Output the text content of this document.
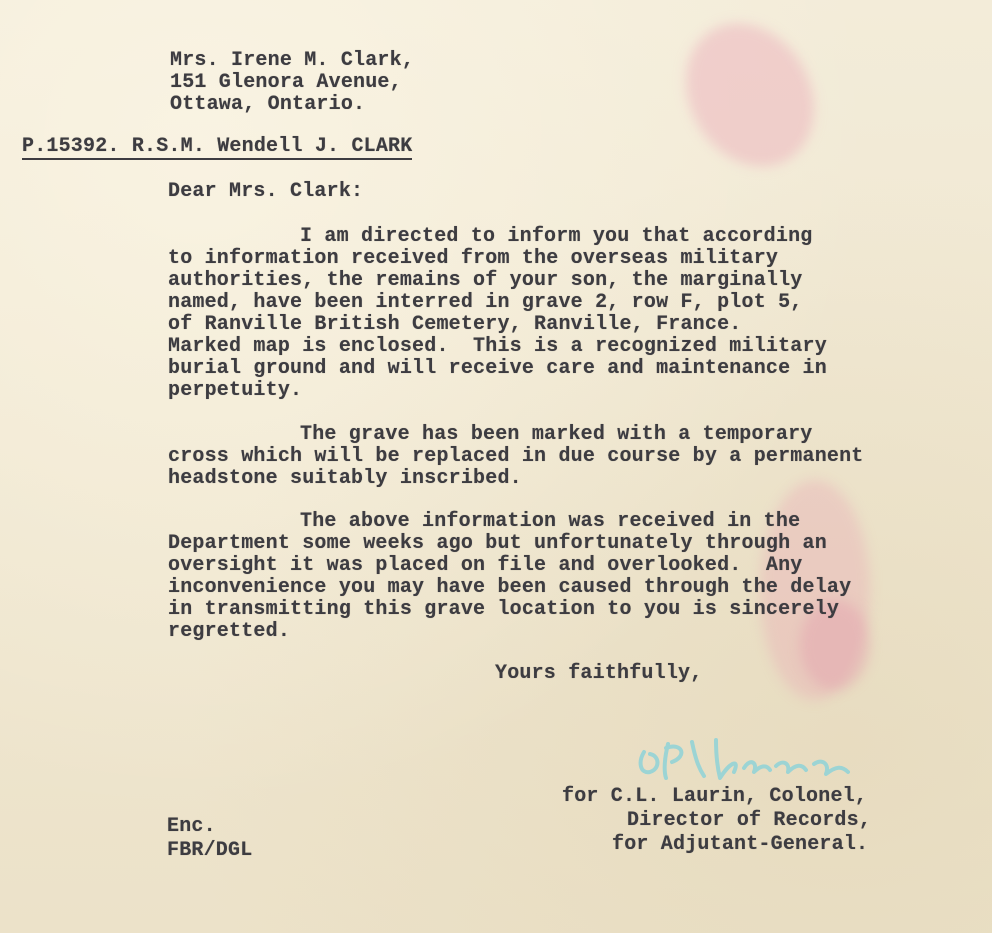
Mrs. Irene M. Clark,
151 Glenora Avenue,
Ottawa, Ontario.
P.15392. R.S.M. Wendell J. CLARK
Dear Mrs. Clark:
I am directed to inform you that according
to information received from the overseas military
authorities, the remains of your son, the marginally
named, have been interred in grave 2, row F, plot 5,
of Ranville British Cemetery, Ranville, France.
Marked map is enclosed.  This is a recognized military
burial ground and will receive care and maintenance in
perpetuity.
The grave has been marked with a temporary
cross which will be replaced in due course by a permanent
headstone suitably inscribed.
The above information was received in the
Department some weeks ago but unfortunately through an
oversight it was placed on file and overlooked.  Any
inconvenience you may have been caused through the delay
in transmitting this grave location to you is sincerely
regretted.
Yours faithfully,
for C.L. Laurin, Colonel,
Director of Records,
for Adjutant-General.
Enc.
FBR/DGL
